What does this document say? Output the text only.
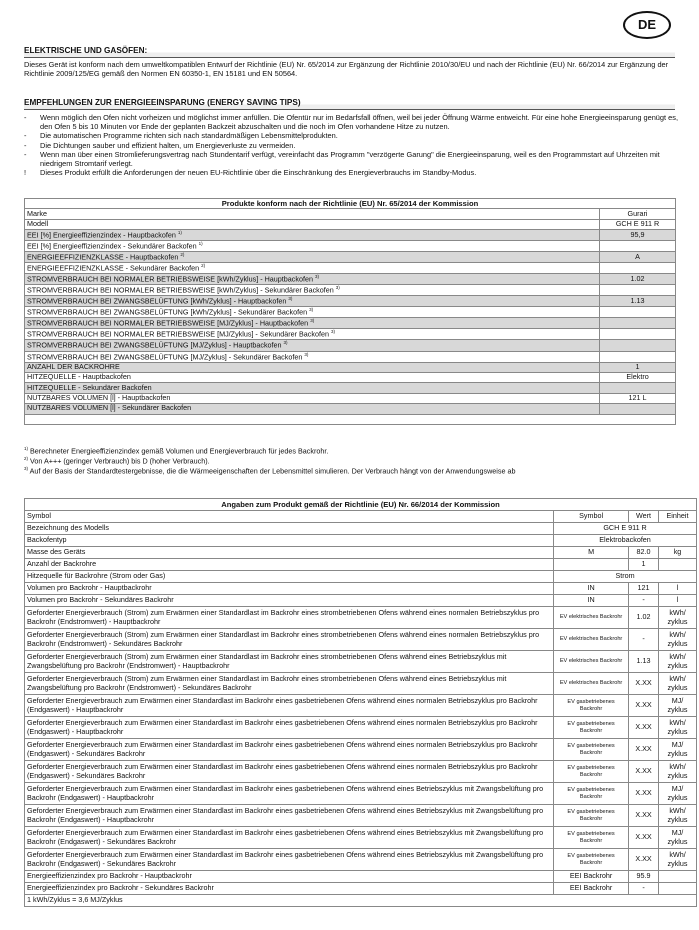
DE
ELEKTRISCHE UND GASÖFEN:
Dieses Gerät ist konform nach dem umweltkompatiblen Entwurf der Richtlinie (EU) Nr. 65/2014 zur Ergänzung der Richtlinie 2010/30/EU und nach der Richtlinie (EU) Nr. 66/2014 zur Ergänzung der Richtlinie 2009/125/EG gemäß den Normen EN 60350-1, EN 15181 und EN 50564.
EMPFEHLUNGEN ZUR ENERGIEEINSPARUNG (ENERGY SAVING TIPS)
-	Wenn möglich den Ofen nicht vorheizen und möglichst immer anfüllen. Die Ofentür nur im Bedarfsfall öffnen, weil bei jeder Öffnung Wärme entweicht. Für eine hohe Energieeinsparung genügt es, den Ofen 5 bis 10 Minuten vor Ende der geplanten Backzeit abzuschalten und die noch im Ofen vorhandene Hitze zu nutzen.
-	Die automatischen Programme richten sich nach standardmäßigen Lebensmittelprodukten.
-	Die Dichtungen sauber und effizient halten, um Energieverluste zu vermeiden.
-	Wenn man über einen Stromlieferungsvertrag nach Stundentarif verfügt, vereinfacht das Programm "verzögerte Garung" die Energieeinsparung, weil es den Programmstart auf Uhrzeiten mit niedrigem Stromtarif verlegt.
!	Dieses Produkt erfüllt die Anforderungen der neuen EU-Richtlinie über die Einschränkung des Energieverbrauchs im Standby-Modus.
Produkte konform nach der Richtlinie (EU) Nr. 65/2014 der Kommission	
Marke	Gurari
Modell	GCH E 911 R
EEI [%] Energieeffizienzindex - Hauptbackofen $^{1)}$	95,9
EEI [%] Energieeffizienzindex - Sekundärer Backofen $^{1)}$	
ENERGIEEFFIZIENZKLASSE - Hauptbackofen $^{2)}$	A
ENERGIEEFFIZIENZKLASSE - Sekundärer Backofen $^{2)}$	
STROMVERBRAUCH BEI NORMALER BETRIEBSWEISE [kWh/Zyklus] - Hauptbackofen $^{3)}$	1.02
STROMVERBRAUCH BEI NORMALER BETRIEBSWEISE [kWh/Zyklus] - Sekundärer Backofen $^{3)}$	
STROMVERBRAUCH BEI ZWANGSBELÜFTUNG [kWh/Zyklus] - Hauptbackofen $^{3)}$	1.13
STROMVERBRAUCH BEI ZWANGSBELÜFTUNG [kWh/Zyklus] - Sekundärer Backofen $^{3)}$	
STROMVERBRAUCH BEI NORMALER BETRIEBSWEISE [MJ/Zyklus] - Hauptbackofen $^{3)}$	
STROMVERBRAUCH BEI NORMALER BETRIEBSWEISE [MJ/Zyklus] - Sekundärer Backofen $^{3)}$	
STROMVERBRAUCH BEI ZWANGSBELÜFTUNG [MJ/Zyklus] - Hauptbackofen $^{3)}$	
STROMVERBRAUCH BEI ZWANGSBELÜFTUNG [MJ/Zyklus] - Sekundärer Backofen $^{3)}$	
ANZAHL DER BACKROHRE	1
HITZEQUELLE - Hauptbackofen	Elektro
HITZEQUELLE - Sekundärer Backofen	
NUTZBARES VOLUMEN [l] - Hauptbackofen	121 L
NUTZBARES VOLUMEN [l] - Sekundärer Backofen	

$^{1)}$ Berechneter Energieeffizienzindex gemäß Volumen und Energieverbrauch für jedes Backrohr.
$^{2)}$ Von A+++ (geringer Verbrauch) bis D (hoher Verbrauch).
$^{3)}$ Auf der Basis der Standardtestergebnisse, die die Wärmeeigenschaften der Lebensmittel simulieren. Der Verbrauch hängt von der Anwendungsweise ab
Angaben zum Produkt gemäß der Richtlinie (EU) Nr. 66/2014 der Kommission			
Symbol	Symbol	Wert	Einheit
Bezeichnung des Modells	GCH E 911 R		
Backofentyp	Elektrobackofen		
Masse des Geräts	M	82.0	kg
Anzahl der Backrohre		1	
Hitzequelle für Backrohre (Strom oder Gas)	Strom		
Volumen pro Backrohr - Hauptbackrohr	IN	121	l
Volumen pro Backrohr - Sekundäres Backrohr	IN	-	l
Geforderter Energieverbrauch (Strom) zum Erwärmen einer Standardlast im Backrohr eines strombetriebenen Ofens während eines normalen Betriebszyklus pro Backrohr (Endstromwert) - Hauptbackrohr	EV elektrisches Backrohr	1.02	kWh/ zyklus
Geforderter Energieverbrauch (Strom) zum Erwärmen einer Standardlast im Backrohr eines strombetriebenen Ofens während eines normalen Betriebszyklus pro Backrohr (Endstromwert) - Sekundäres Backrohr	EV elektrisches Backrohr	-	kWh/ zyklus
Geforderter Energieverbrauch (Strom) zum Erwärmen einer Standardlast im Backrohr eines strombetriebenen Ofens während eines Betriebszyklus mit Zwangsbelüftung pro Backrohr (Endstromwert) - Hauptbackrohr	EV elektrisches Backrohr	1.13	kWh/ zyklus
Geforderter Energieverbrauch (Strom) zum Erwärmen einer Standardlast im Backrohr eines strombetriebenen Ofens während eines Betriebszyklus mit Zwangsbelüftung pro Backrohr (Endstromwert) - Sekundäres Backrohr	EV elektrisches Backrohr	X.XX	kWh/ zyklus
Geforderter Energieverbrauch zum Erwärmen einer Standardlast im Backrohr eines gasbetriebenen Ofens während eines normalen Betriebszyklus pro Backrohr (Endgaswert) - Hauptbackrohr	EV gasbetriebenes Backrohr	X.XX	MJ/ zyklus
Geforderter Energieverbrauch zum Erwärmen einer Standardlast im Backrohr eines gasbetriebenen Ofens während eines normalen Betriebszyklus pro Backrohr (Endgaswert) - Hauptbackrohr	EV gasbetriebenes Backrohr	X.XX	kWh/ zyklus
Geforderter Energieverbrauch zum Erwärmen einer Standardlast im Backrohr eines gasbetriebenen Ofens während eines normalen Betriebszyklus pro Backrohr (Endgaswert) - Sekundäres Backrohr	EV gasbetriebenes Backrohr	X.XX	MJ/ zyklus
Geforderter Energieverbrauch zum Erwärmen einer Standardlast im Backrohr eines gasbetriebenen Ofens während eines normalen Betriebszyklus pro Backrohr (Endgaswert) - Sekundäres Backrohr	EV gasbetriebenes Backrohr	X.XX	kWh/ zyklus
Geforderter Energieverbrauch zum Erwärmen einer Standardlast im Backrohr eines gasbetriebenen Ofens während eines Betriebszyklus mit Zwangsbelüftung pro Backrohr (Endgaswert) - Hauptbackrohr	EV gasbetriebenes Backrohr	X.XX	MJ/ zyklus
Geforderter Energieverbrauch zum Erwärmen einer Standardlast im Backrohr eines gasbetriebenen Ofens während eines Betriebszyklus mit Zwangsbelüftung pro Backrohr (Endgaswert) - Hauptbackrohr	EV gasbetriebenes Backrohr	X.XX	kWh/ zyklus
Geforderter Energieverbrauch zum Erwärmen einer Standardlast im Backrohr eines gasbetriebenen Ofens während eines Betriebszyklus mit Zwangsbelüftung pro Backrohr (Endgaswert) - Sekundäres Backrohr	EV gasbetriebenes Backrohr	X.XX	MJ/ zyklus
Geforderter Energieverbrauch zum Erwärmen einer Standardlast im Backrohr eines gasbetriebenen Ofens während eines Betriebszyklus mit Zwangsbelüftung pro Backrohr (Endgaswert) - Sekundäres Backrohr	EV gasbetriebenes Backrohr	X.XX	kWh/ zyklus
Energieeffizienzindex pro Backrohr - Hauptbackrohr	EEI Backrohr	95.9	
Energieeffizienzindex pro Backrohr - Sekundäres Backrohr	EEI Backrohr	-	
1 kWh/Zyklus = 3,6 MJ/Zyklus			
